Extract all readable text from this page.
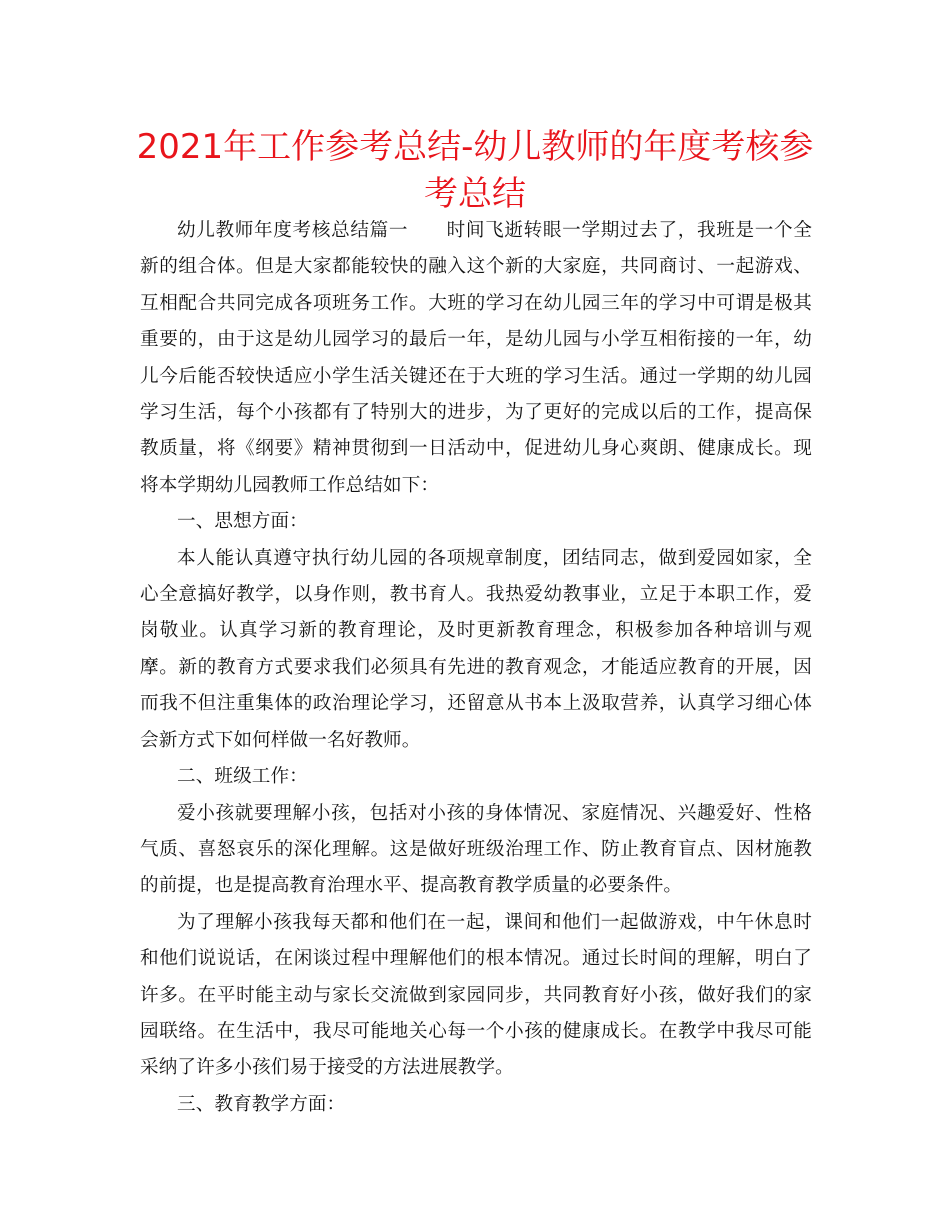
2021年工作参考总结-幼儿教师的年度考核参考总结

幼儿教师年度考核总结篇一　　时间飞逝转眼一学期过去了，我班是一个全新的组合体。但是大家都能较快的融入这个新的大家庭，共同商讨、一起游戏、互相配合共同完成各项班务工作。大班的学习在幼儿园三年的学习中可谓是极其重要的，由于这是幼儿园学习的最后一年，是幼儿园与小学互相衔接的一年，幼儿今后能否较快适应小学生活关键还在于大班的学习生活。通过一学期的幼儿园学习生活，每个小孩都有了特别大的进步，为了更好的完成以后的工作，提高保教质量，将《纲要》精神贯彻到一日活动中，促进幼儿身心爽朗、健康成长。现将本学期幼儿园教师工作总结如下：

一、思想方面：

本人能认真遵守执行幼儿园的各项规章制度，团结同志，做到爱园如家，全心全意搞好教学，以身作则，教书育人。我热爱幼教事业，立足于本职工作，爱岗敬业。认真学习新的教育理论，及时更新教育理念，积极参加各种培训与观摩。新的教育方式要求我们必须具有先进的教育观念，才能适应教育的开展，因而我不但注重集体的政治理论学习，还留意从书本上汲取营养，认真学习细心体会新方式下如何样做一名好教师。

二、班级工作：

爱小孩就要理解小孩，包括对小孩的身体情况、家庭情况、兴趣爱好、性格气质、喜怒哀乐的深化理解。这是做好班级治理工作、防止教育盲点、因材施教的前提，也是提高教育治理水平、提高教育教学质量的必要条件。

为了理解小孩我每天都和他们在一起，课间和他们一起做游戏，中午休息时和他们说说话，在闲谈过程中理解他们的根本情况。通过长时间的理解，明白了许多。在平时能主动与家长交流做到家园同步，共同教育好小孩，做好我们的家园联络。在生活中，我尽可能地关心每一个小孩的健康成长。在教学中我尽可能采纳了许多小孩们易于接受的方法进展教学。

三、教育教学方面：
